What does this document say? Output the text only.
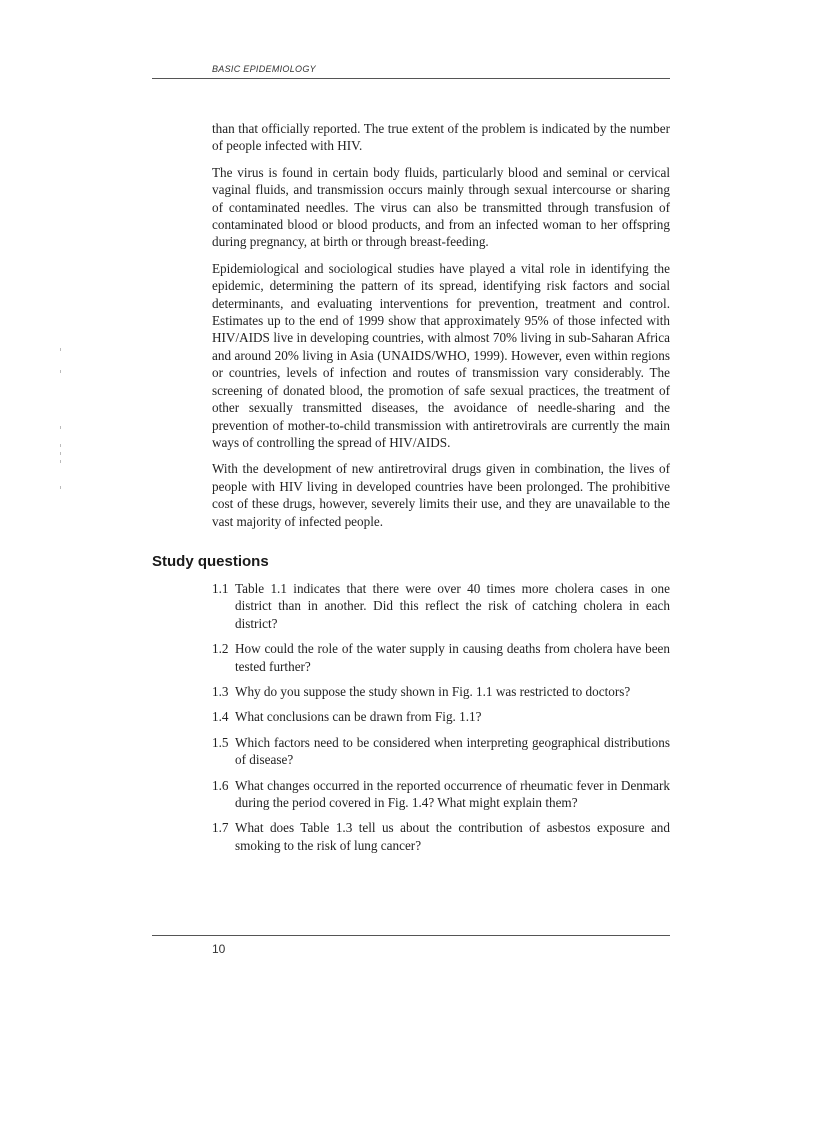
BASIC EPIDEMIOLOGY

than that officially reported. The true extent of the problem is indicated by the number of people infected with HIV.

The virus is found in certain body fluids, particularly blood and seminal or cervical vaginal fluids, and transmission occurs mainly through sexual intercourse or sharing of contaminated needles. The virus can also be transmitted through transfusion of contaminated blood or blood products, and from an infected woman to her offspring during pregnancy, at birth or through breast-feeding.

Epidemiological and sociological studies have played a vital role in identifying the epidemic, determining the pattern of its spread, identifying risk factors and social determinants, and evaluating interventions for prevention, treatment and control. Estimates up to the end of 1999 show that approximately 95% of those infected with HIV/AIDS live in developing countries, with almost 70% living in sub-Saharan Africa and around 20% living in Asia (UNAIDS/WHO, 1999). However, even within regions or countries, levels of infection and routes of transmission vary considerably. The screening of donated blood, the promotion of safe sexual practices, the treatment of other sexually transmitted diseases, the avoidance of needle-sharing and the prevention of mother-to-child transmission with antiretrovirals are currently the main ways of controlling the spread of HIV/AIDS.

With the development of new antiretroviral drugs given in combination, the lives of people with HIV living in developed countries have been prolonged. The prohibitive cost of these drugs, however, severely limits their use, and they are unavailable to the vast majority of infected people.

Study questions
1.1 Table 1.1 indicates that there were over 40 times more cholera cases in one district than in another. Did this reflect the risk of catching cholera in each district?
1.2 How could the role of the water supply in causing deaths from cholera have been tested further?
1.3 Why do you suppose the study shown in Fig. 1.1 was restricted to doctors?
1.4 What conclusions can be drawn from Fig. 1.1?
1.5 Which factors need to be considered when interpreting geographical distributions of disease?
1.6 What changes occurred in the reported occurrence of rheumatic fever in Denmark during the period covered in Fig. 1.4? What might explain them?
1.7 What does Table 1.3 tell us about the contribution of asbestos exposure and smoking to the risk of lung cancer?
10
